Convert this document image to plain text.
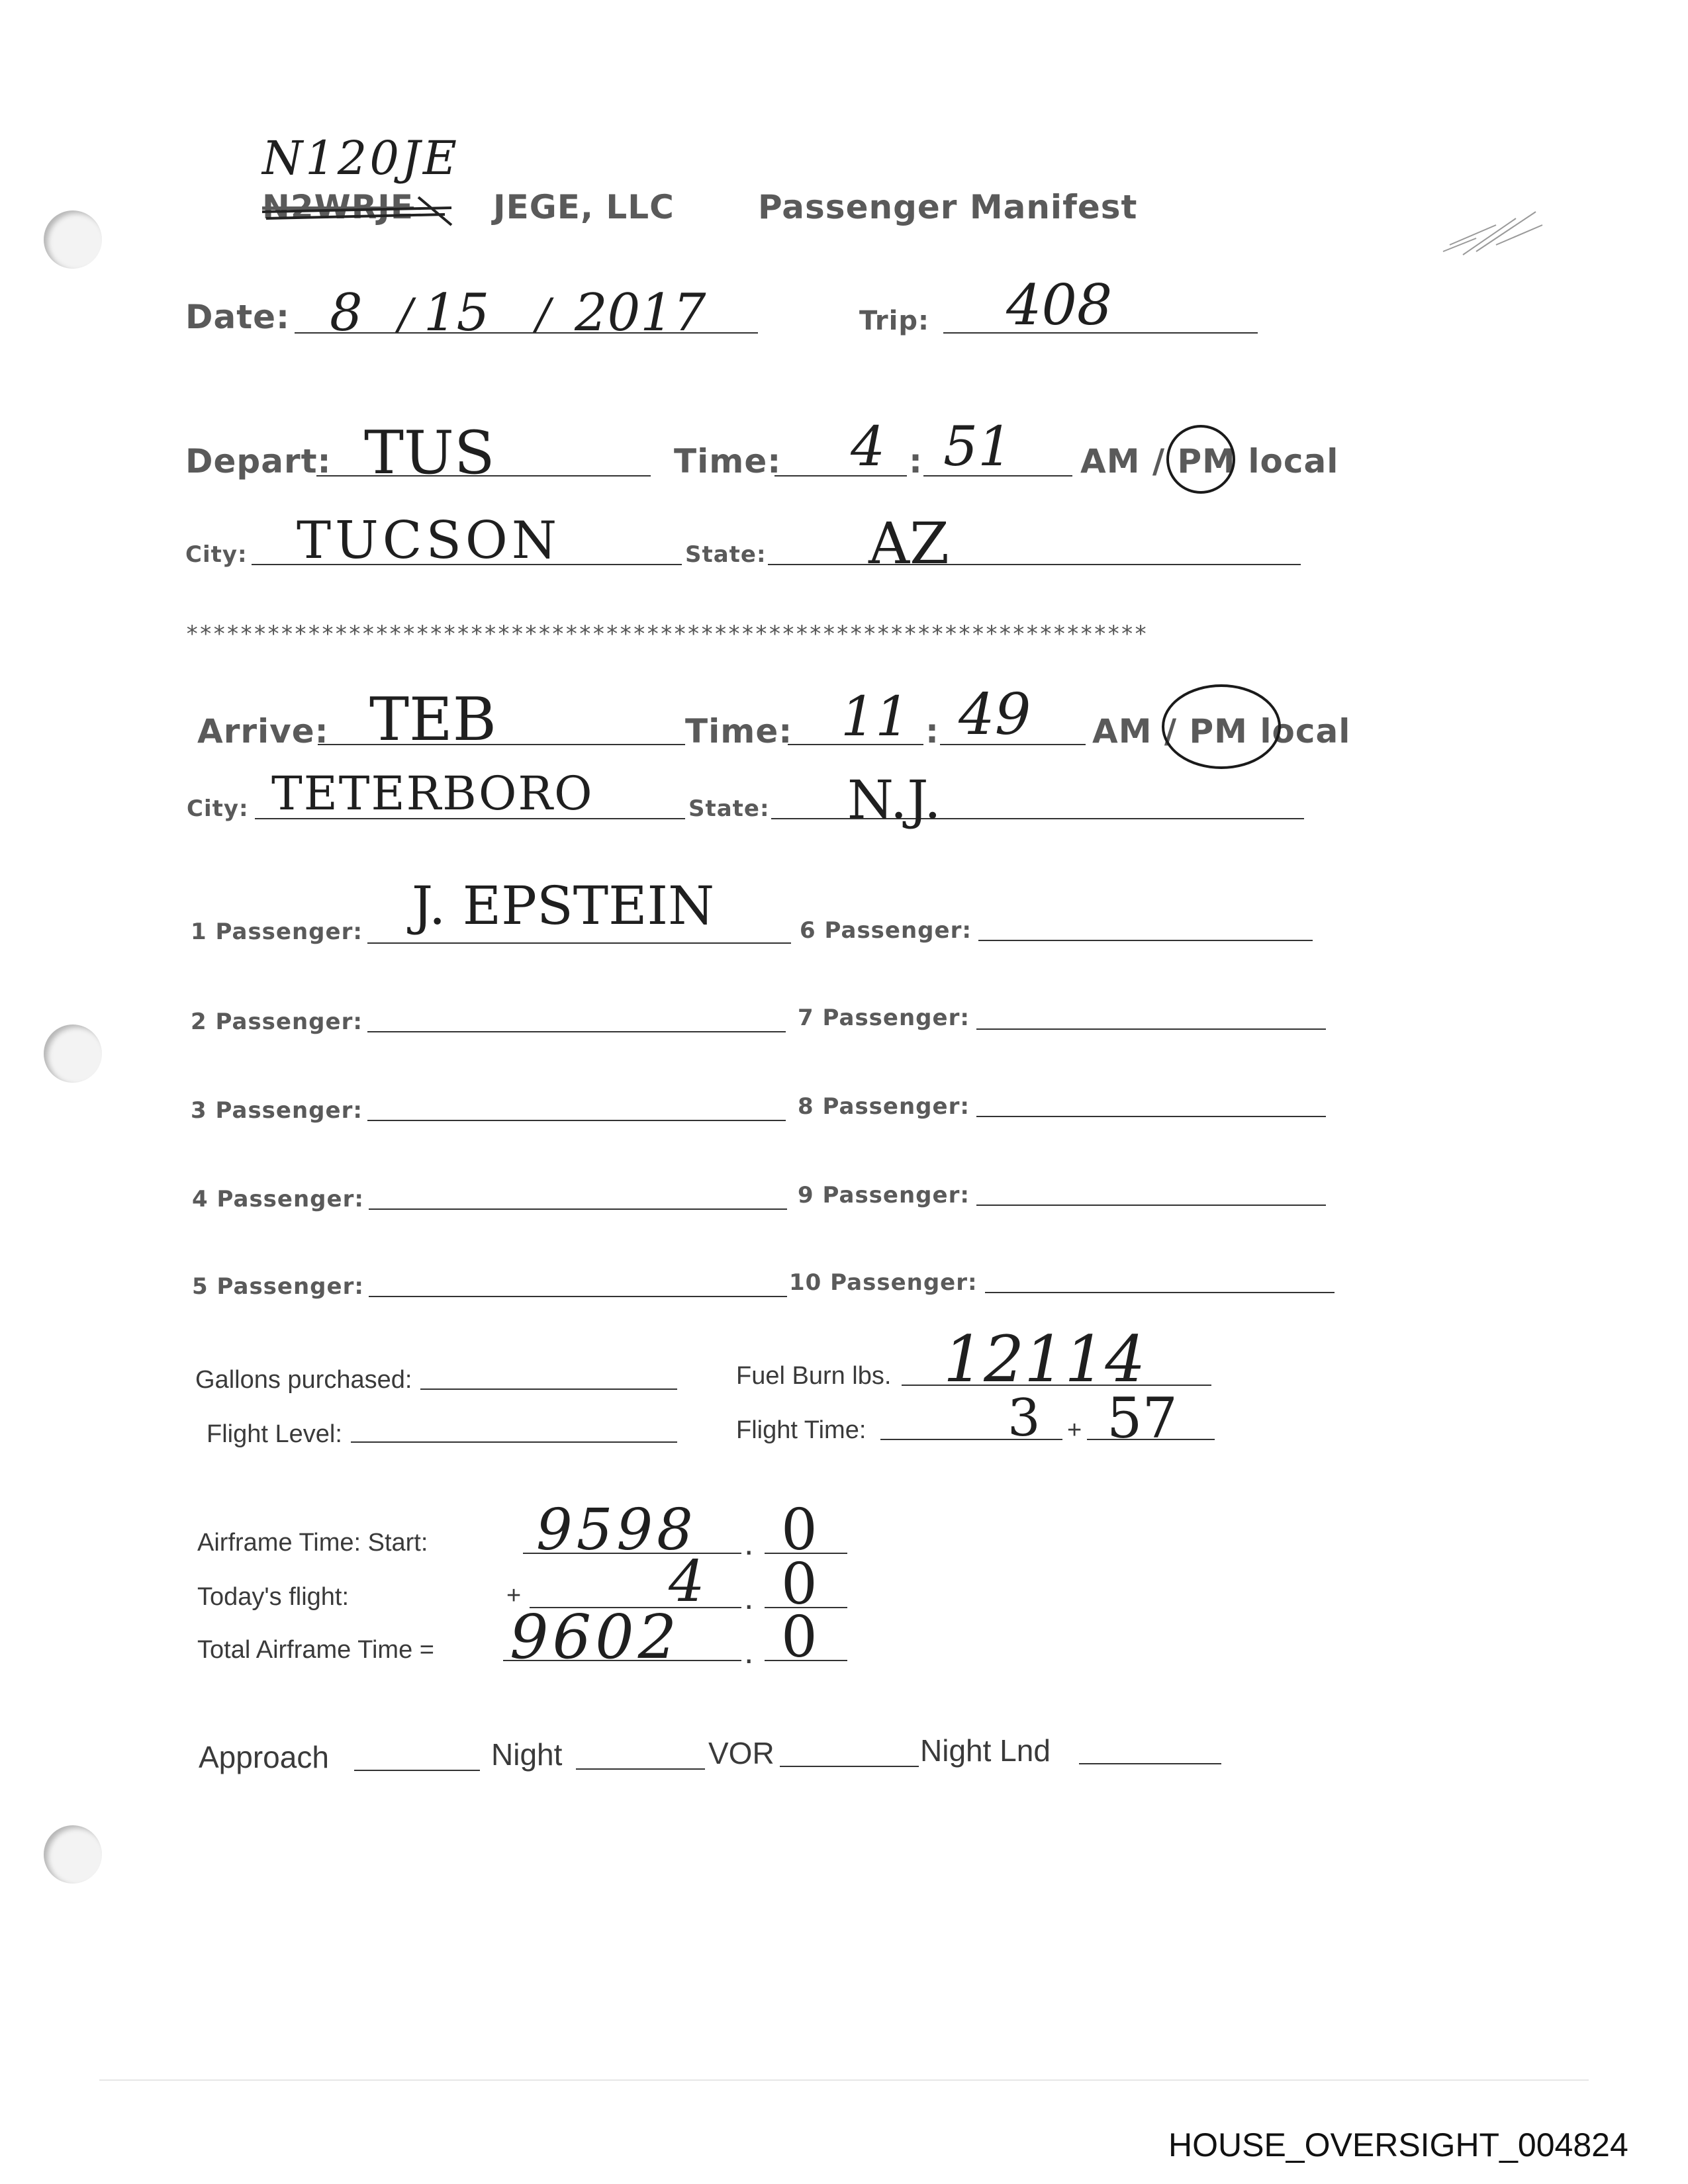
N120JE
N2WRJE JEGE, LLC	Passenger Manifest
Date: 8 / 15 / 2017	Trip: 408
Depart: TUS	Time: 4 : 51 AM / PM local
City: TUCSON	State: AZ
***********************************************************************
Arrive: TEB	Time: 11 : 49 AM / PM local
City: TETERBORO	State: N.J.
1 Passenger: J. EPSTEIN
2 Passenger:
3 Passenger:
4 Passenger:
5 Passenger:
6 Passenger:
7 Passenger:
8 Passenger:
9 Passenger:
10 Passenger:
Gallons purchased:	Fuel Burn lbs. 12114
Flight Level:	Flight Time:	3 + 57
Airframe Time: Start: 9598 . 0
Today's flight:	+	4 . 0
Total Airframe Time = 9602 . 0
Approach	Night	VOR	Night Lnd
HOUSE_OVERSIGHT_004824
